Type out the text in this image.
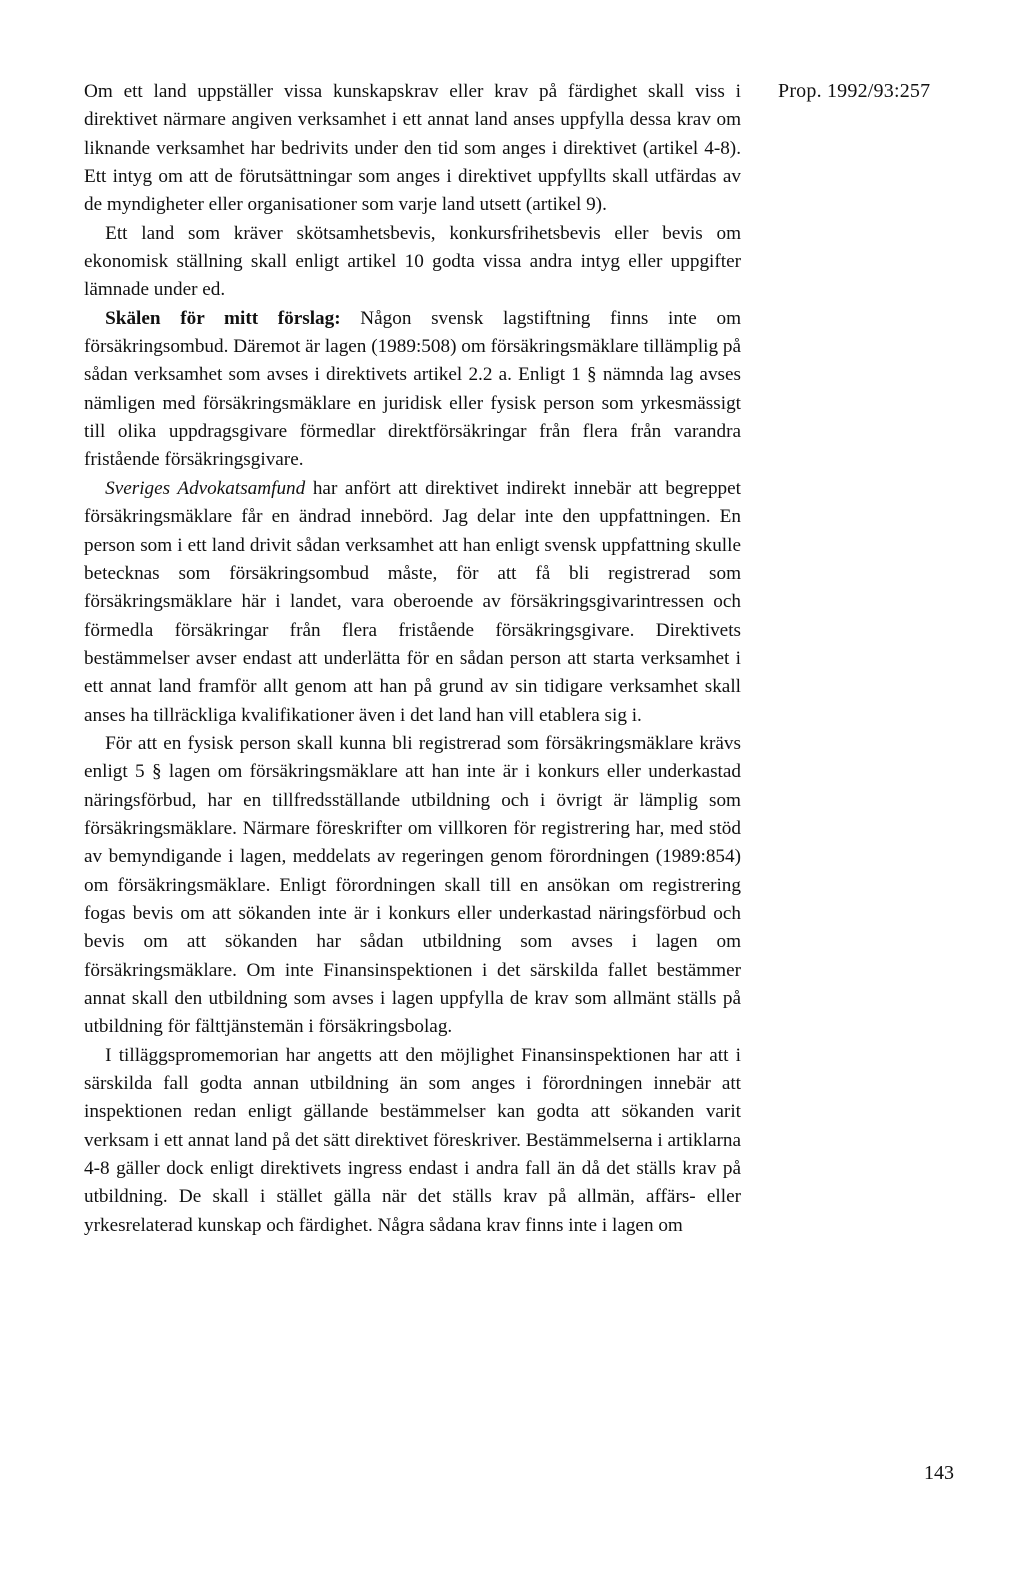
Prop. 1992/93:257

Om ett land uppställer vissa kunskapskrav eller krav på färdighet skall viss i direktivet närmare angiven verksamhet i ett annat land anses uppfylla dessa krav om liknande verksamhet har bedrivits under den tid som anges i direktivet (artikel 4-8). Ett intyg om att de förutsättningar som anges i direktivet uppfyllts skall utfärdas av de myndigheter eller organisationer som varje land utsett (artikel 9).

Ett land som kräver skötsamhetsbevis, konkursfrihetsbevis eller bevis om ekonomisk ställning skall enligt artikel 10 godta vissa andra intyg eller uppgifter lämnade under ed.

Skälen för mitt förslag: Någon svensk lagstiftning finns inte om försäkringsombud. Däremot är lagen (1989:508) om försäkringsmäklare tillämplig på sådan verksamhet som avses i direktivets artikel 2.2 a. Enligt 1 § nämnda lag avses nämligen med försäkringsmäklare en juridisk eller fysisk person som yrkesmässigt till olika uppdragsgivare förmedlar direktförsäkringar från flera från varandra fristående försäkringsgivare.

Sveriges Advokatsamfund har anfört att direktivet indirekt innebär att begreppet försäkringsmäklare får en ändrad innebörd. Jag delar inte den uppfattningen. En person som i ett land drivit sådan verksamhet att han enligt svensk uppfattning skulle betecknas som försäkringsombud måste, för att få bli registrerad som försäkringsmäklare här i landet, vara oberoende av försäkringsgivarintressen och förmedla försäkringar från flera fristående försäkringsgivare. Direktivets bestämmelser avser endast att underlätta för en sådan person att starta verksamhet i ett annat land framför allt genom att han på grund av sin tidigare verksamhet skall anses ha tillräckliga kvalifikationer även i det land han vill etablera sig i.

För att en fysisk person skall kunna bli registrerad som försäkringsmäklare krävs enligt 5 § lagen om försäkringsmäklare att han inte är i konkurs eller underkastad näringsförbud, har en tillfredsställande utbildning och i övrigt är lämplig som försäkringsmäklare. Närmare föreskrifter om villkoren för registrering har, med stöd av bemyndigande i lagen, meddelats av regeringen genom förordningen (1989:854) om försäkringsmäklare. Enligt förordningen skall till en ansökan om registrering fogas bevis om att sökanden inte är i konkurs eller underkastad näringsförbud och bevis om att sökanden har sådan utbildning som avses i lagen om försäkringsmäklare. Om inte Finansinspektionen i det särskilda fallet bestämmer annat skall den utbildning som avses i lagen uppfylla de krav som allmänt ställs på utbildning för fälttjänstemän i försäkringsbolag.

I tilläggspromemorian har angetts att den möjlighet Finansinspektionen har att i särskilda fall godta annan utbildning än som anges i förordningen innebär att inspektionen redan enligt gällande bestämmelser kan godta att sökanden varit verksam i ett annat land på det sätt direktivet föreskriver. Bestämmelserna i artiklarna 4-8 gäller dock enligt direktivets ingress endast i andra fall än då det ställs krav på utbildning. De skall i stället gälla när det ställs krav på allmän, affärs- eller yrkesrelaterad kunskap och färdighet. Några sådana krav finns inte i lagen om

143
